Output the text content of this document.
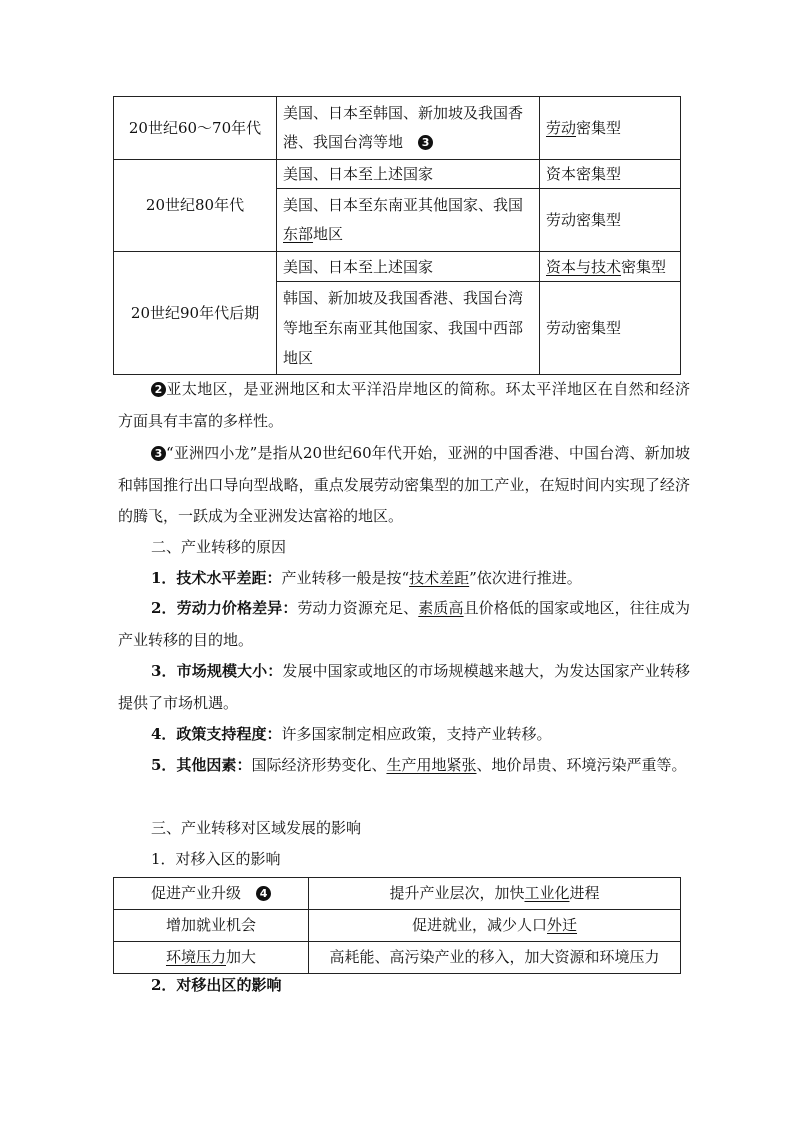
20世纪60～70年代	美国、日本至韩国、新加坡及我国香港、我国台湾等地　 3	劳动密集型
20世纪80年代	美国、日本至上述国家	资本密集型
	美国、日本至东南亚其他国家、我国东部地区	劳动密集型
20世纪90年代后期	美国、日本至上述国家	资本与技术密集型
	韩国、新加坡及我国香港、我国台湾等地至东南亚其他国家、我国中西部地区	劳动密集型

2 亚太地区，是亚洲地区和太平洋沿岸地区的简称。环太平洋地区在自然和经济方面具有丰富的多样性。

3 “亚洲四小龙”是指从20世纪60年代开始，亚洲的中国香港、中国台湾、新加坡和韩国推行出口导向型战略，重点发展劳动密集型的加工产业，在短时间内实现了经济的腾飞，一跃成为全亚洲发达富裕的地区。

二、产业转移的原因

1．技术水平差距：产业转移一般是按“技术差距”依次进行推进。

2．劳动力价格差异：劳动力资源充足、素质高且价格低的国家或地区，往往成为产业转移的目的地。

3．市场规模大小：发展中国家或地区的市场规模越来越大，为发达国家产业转移提供了市场机遇。

4．政策支持程度：许多国家制定相应政策，支持产业转移。

5．其他因素：国际经济形势变化、生产用地紧张、地价昂贵、环境污染严重等。

三、产业转移对区域发展的影响

1．对移入区的影响

促进产业升级　 4	提升产业层次，加快工业化进程
增加就业机会	促进就业，减少人口外迁
环境压力加大	高耗能、高污染产业的移入，加大资源和环境压力

2．对移出区的影响
